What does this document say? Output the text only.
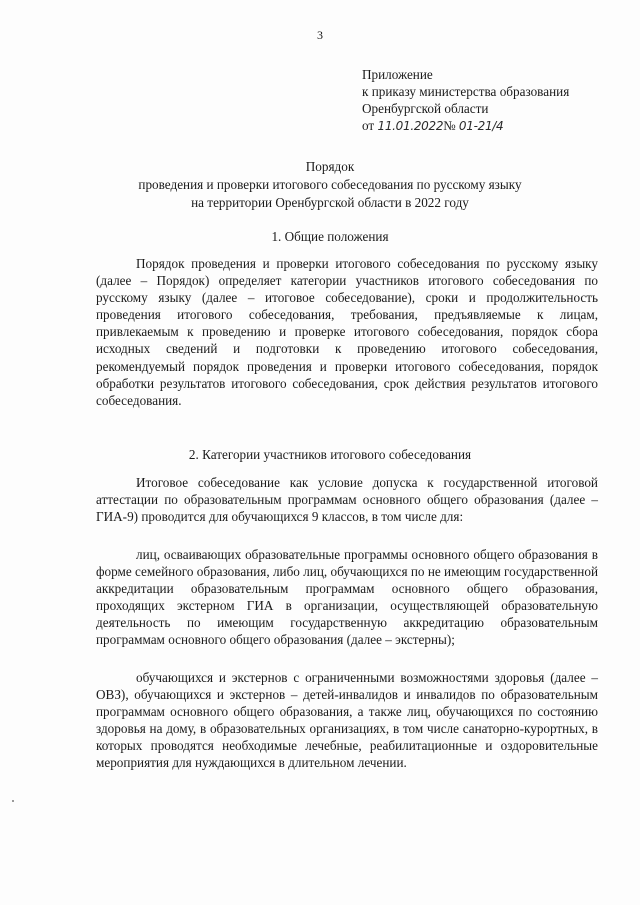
3
Приложение
к приказу министерства образования
Оренбургской области
от 11.01.2022№ 01-21/4
Порядок
проведения и проверки итогового собеседования по русскому языку
на территории Оренбургской области в 2022 году
1. Общие положения

Порядок проведения и проверки итогового собеседования по русскому языку (далее – Порядок) определяет категории участников итогового собеседования по русскому языку (далее – итоговое собеседование), сроки и продолжительность проведения итогового собеседования, требования, предъявляемые к лицам, привлекаемым к проведению и проверке итогового собеседования, порядок сбора исходных сведений и подготовки к проведению итогового собеседования, рекомендуемый порядок проведения и проверки итогового собеседования, порядок обработки результатов итогового собеседования, срок действия результатов итогового собеседования.

2. Категории участников итогового собеседования

Итоговое собеседование как условие допуска к государственной итоговой аттестации по образовательным программам основного общего образования (далее – ГИА-9) проводится для обучающихся 9 классов, в том числе для:

лиц, осваивающих образовательные программы основного общего образования в форме семейного образования, либо лиц, обучающихся по не имеющим государственной аккредитации образовательным программам основного общего образования, проходящих экстерном ГИА в организации, осуществляющей образовательную деятельность по имеющим государственную аккредитацию образовательным программам основного общего образования (далее – экстерны);

обучающихся и экстернов с ограниченными возможностями здоровья (далее – ОВЗ), обучающихся и экстернов – детей-инвалидов и инвалидов по образовательным программам основного общего образования, а также лиц, обучающихся по состоянию здоровья на дому, в образовательных организациях, в том числе санаторно-курортных, в которых проводятся необходимые лечебные, реабилитационные и оздоровительные мероприятия для нуждающихся в длительном лечении.
